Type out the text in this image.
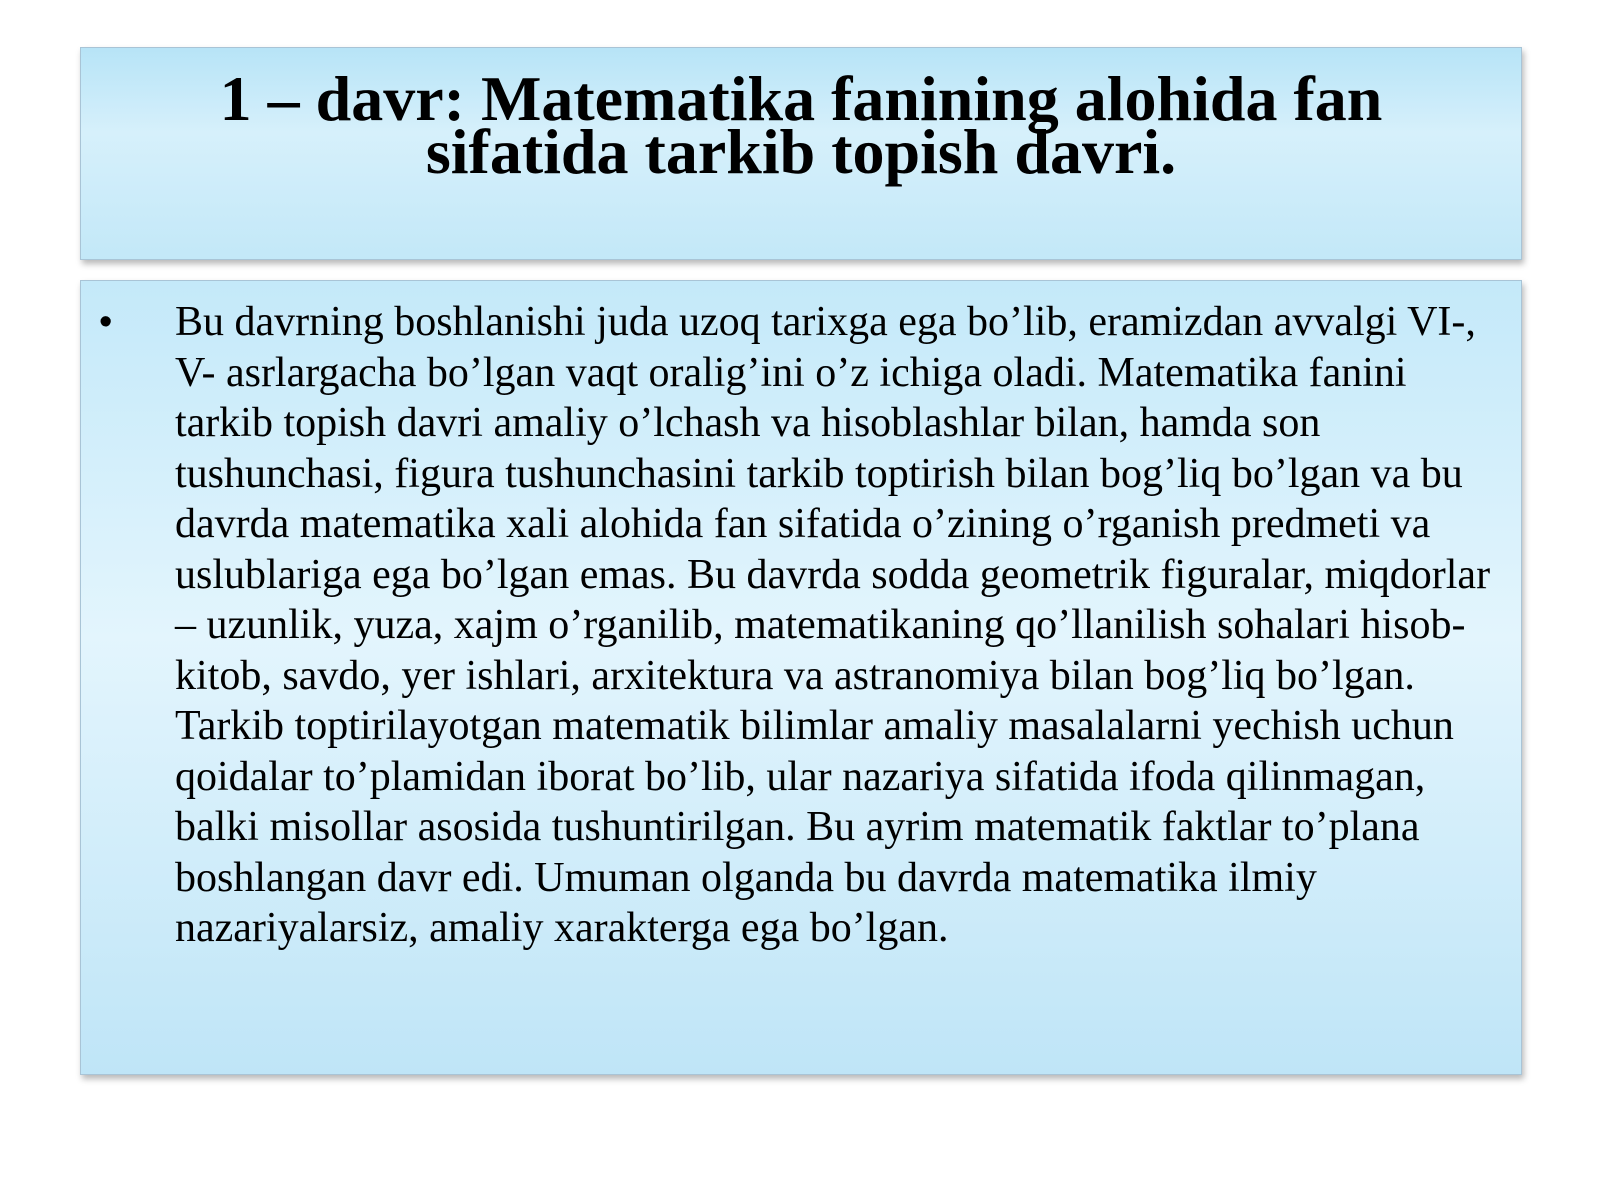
1 – davr: Matematika fanining alohida fan sifatida tarkib topish davri.
• Bu davrning boshlanishi juda uzoq tarixga ega bo’lib, eramizdan avvalgi VI-, V- asrlargacha bo’lgan vaqt oralig’ini o’z ichiga oladi. Matematika fanini tarkib topish davri amaliy o’lchash va hisoblashlar bilan, hamda son tushunchasi, figura tushunchasini tarkib toptirish bilan bog’liq bo’lgan va bu davrda matematika xali alohida fan sifatida o’zining o’rganish predmeti va uslublariga ega bo’lgan emas. Bu davrda sodda geometrik figuralar, miqdorlar – uzunlik, yuza, xajm o’rganilib, matematikaning qo’llanilish sohalari hisob-kitob, savdo, yer ishlari, arxitektura va astranomiya bilan bog’liq bo’lgan. Tarkib toptirilayotgan matematik bilimlar amaliy masalalarni yechish uchun qoidalar to’plamidan iborat bo’lib, ular nazariya sifatida ifoda qilinmagan, balki misollar asosida tushuntirilgan. Bu ayrim matematik faktlar to’plana boshlangan davr edi. Umuman olganda bu davrda matematika ilmiy nazariyalarsiz, amaliy xarakterga ega bo’lgan.
